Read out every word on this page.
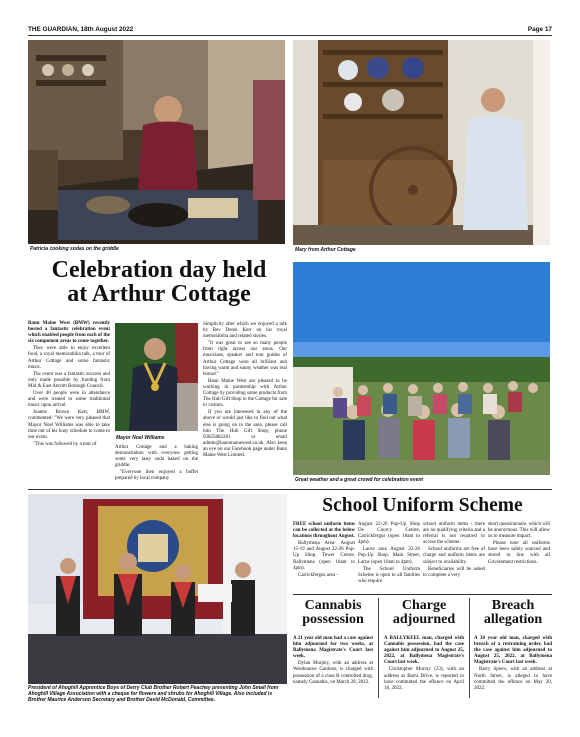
THE GUARDIAN, 18th August 2022	Page 17
Patricia cooking sodas on the griddle	Mary from Arthur Cottage
Celebration day held
at Arthur Cottage

Bann Maine West (BMW) recently hosted a fantastic celebration event which enabled people from each of the six component areas to come together.

They were able to enjoy excellent food, a royal memorabilia talk, a tour of Arthur Cottage and some fantastic music.

The event was a fantastic success and only made possible by funding from Mid & East Antrim Borough Council.

Over 40 people were in attendance and were treated to some traditional music upon arrival.

Joanne Brown Kerr, BMW, commented: "We were very pleased that Mayor Noel Williams was able to take time out of his busy schedule to come to our event.

"This was followed by a tour of

Mayor Noel Williams

Arthur Cottage and a baking demonstration with everyone getting some very tasty soda baked on the griddle.

"Everyone then enjoyed a buffet prepared by local company

Simplicity after which we enjoyed a talk by Rev Derek Kerr on his royal memorabilia and related stories.

"It was great to see so many people from right across our areas. Our musicians, speaker and tour guides of Arthur Cottage were all brilliant and having warm and sunny weather was real bonus!"

Bann Maine West are pleased to be working in partnership with Arthur Cottage by providing some products from The Hub Gift Shop to the Cottage for sale to visitors.

If you are interested in any of the above or would just like to find out what else is going on in the area, please call into The Hub Gift Shop, phone 02825882281 or email admin@bannmainewest.co.uk. Also keep an eye on our Facebook page under Bann Maine West Limited.

Great weather and a great crowd for celebration event
President of Ahoghill Apprentice Boys of Derry Club Brother Robert Peachey presenting John Small from Ahoghill Village Association with a cheque for flowers and shrubs for Ahoghill Village. Also included is Brother Maurice Anderson Secretary and Brother David McDonald, Committee.
School Uniform Scheme

FREE school uniform items can be collected at the below locations throughout August.

Ballymena Area- August 15-19 and August 22-26 Pop-Up Shop, Tower Centre, Ballymena (open 10am to 4pm).

Carrickfergus area -

August 22-26 Pop-Up Shop De Courcy Centre, Carrickfergus (open 10am to 4pm).

Larne area August 22-26 Pop-Up Shop, Main Street, Larne (open 10am to 4pm).

The School Uniform Scheme is open to all families who require

school uniform items - there are no qualifying criteria and a referral is not required to access the scheme.

School uniforms are free of charge and uniform items are subject to availability.

Beneficiaries will be asked to complete a very

short questionnaire, which will be anonymous. This will allow us to measure impact.

Please note all uniforms have been safely sourced and stored in line with all Government restrictions.

Cannabis possession

A 21 year old man had a case against him adjourned for two weeks, at Ballymena Magistrate's Court last week.

Dylan Murphy, with an address at Westbourne Gardens, is charged with possession of a class B controlled drug, namely Cannabis, on March 28, 2022.

Charge adjourned

A BALLYKEEL man, charged with Cannabis possession, had the case against him adjourned to August 25, 2022, at Ballymena Magistrate's Court last week.

Christopher Murray (23), with an address at Barra Drive, is reported to have committed the offence on April 18, 2022.

Breach allegation

A 30 year old man, charged with breach of a restraining order, had the case against him adjourned to August 25, 2022, at Ballymena Magistrate's Court last week.

Barry Spiers, with an address at North Street, is alleged to have committed the offence on May 20, 2022.
